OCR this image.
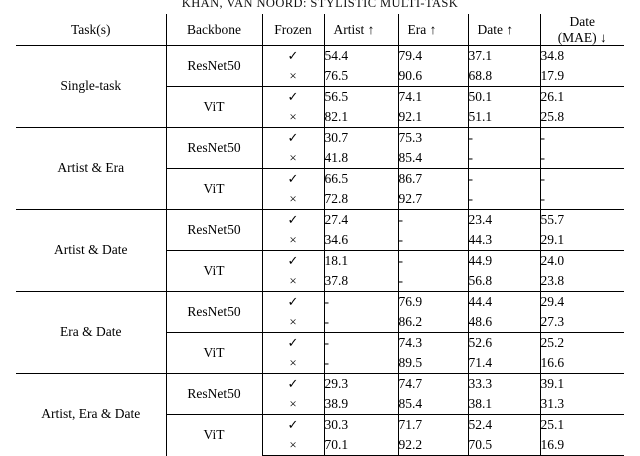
KHAN, VAN NOORD: STYLISTIC MULTI-TASK
Task(s)	Backbone	Frozen	Artist ↑	Era ↑	Date ↑	Date
(MAE) ↓

Single-task	ResNet50	✓	54.4	79.4	37.1	34.8
		×	76.5	90.6	68.8	17.9
	ViT	✓	56.5	74.1	50.1	26.1
		×	82.1	92.1	51.1	25.8
Artist & Era	ResNet50	✓	30.7	75.3	-	-
		×	41.8	85.4	-	-
	ViT	✓	66.5	86.7	-	-
		×	72.8	92.7	-	-
Artist & Date	ResNet50	✓	27.4	-	23.4	55.7
		×	34.6	-	44.3	29.1
	ViT	✓	18.1	-	44.9	24.0
		×	37.8	-	56.8	23.8
Era & Date	ResNet50	✓	-	76.9	44.4	29.4
		×	-	86.2	48.6	27.3
	ViT	✓	-	74.3	52.6	25.2
		×	-	89.5	71.4	16.6
Artist, Era & Date	ResNet50	✓	29.3	74.7	33.3	39.1
		×	38.9	85.4	38.1	31.3
	ViT	✓	30.3	71.7	52.4	25.1
		×	70.1	92.2	70.5	16.9
